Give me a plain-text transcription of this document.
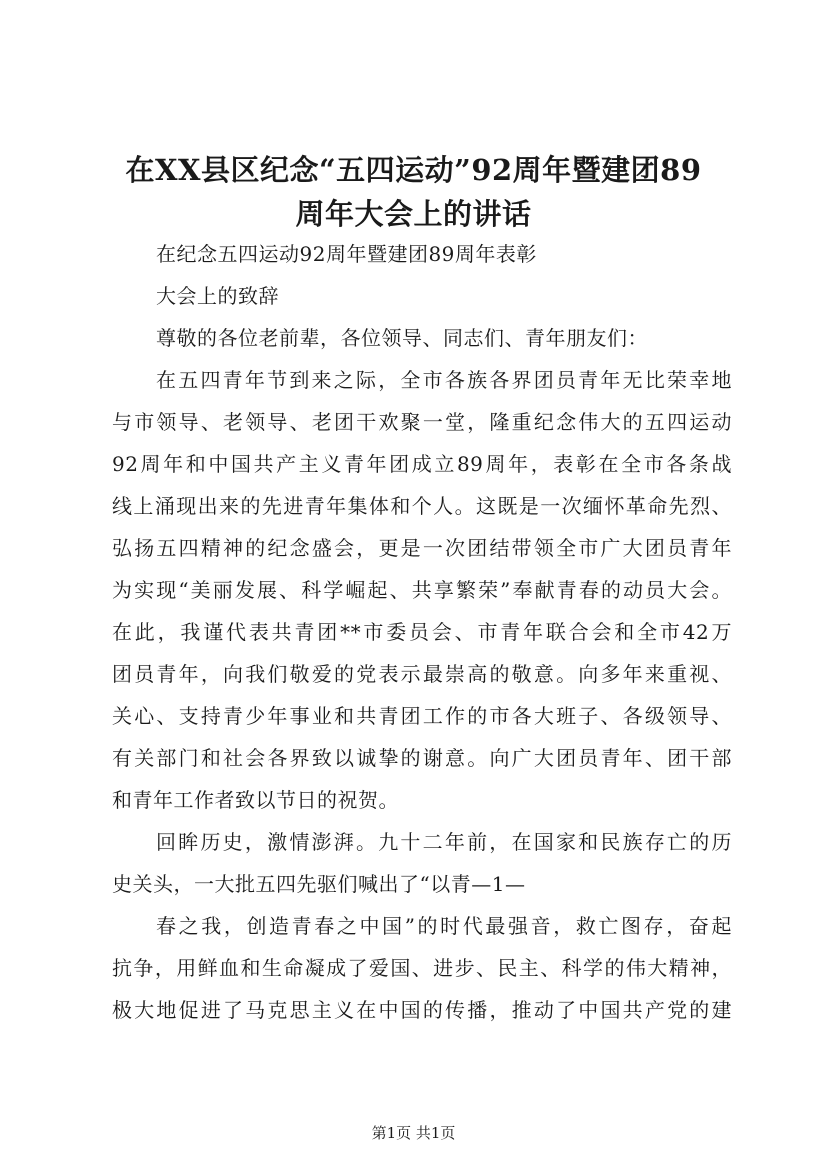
在XX县区纪念“五四运动”92周年暨建团89
周年大会上的讲话

在纪念五四运动92周年暨建团89周年表彰

大会上的致辞

尊敬的各位老前辈，各位领导、同志们、青年朋友们：

在五四青年节到来之际，全市各族各界团员青年无比荣幸地

与市领导、老领导、老团干欢聚一堂，隆重纪念伟大的五四运动

92周年和中国共产主义青年团成立89周年，表彰在全市各条战

线上涌现出来的先进青年集体和个人。这既是一次缅怀革命先烈、

弘扬五四精神的纪念盛会，更是一次团结带领全市广大团员青年

为实现“美丽发展、科学崛起、共享繁荣”奉献青春的动员大会。

在此，我谨代表共青团**市委员会、市青年联合会和全市42万

团员青年，向我们敬爱的党表示最崇高的敬意。向多年来重视、

关心、支持青少年事业和共青团工作的市各大班子、各级领导、

有关部门和社会各界致以诚挚的谢意。向广大团员青年、团干部

和青年工作者致以节日的祝贺。

回眸历史，激情澎湃。九十二年前，在国家和民族存亡的历

史关头，一大批五四先驱们喊出了“以青—1—

春之我，创造青春之中国”的时代最强音，救亡图存，奋起

抗争，用鲜血和生命凝成了爱国、进步、民主、科学的伟大精神，

极大地促进了马克思主义在中国的传播，推动了中国共产党的建

第1页 共1页
